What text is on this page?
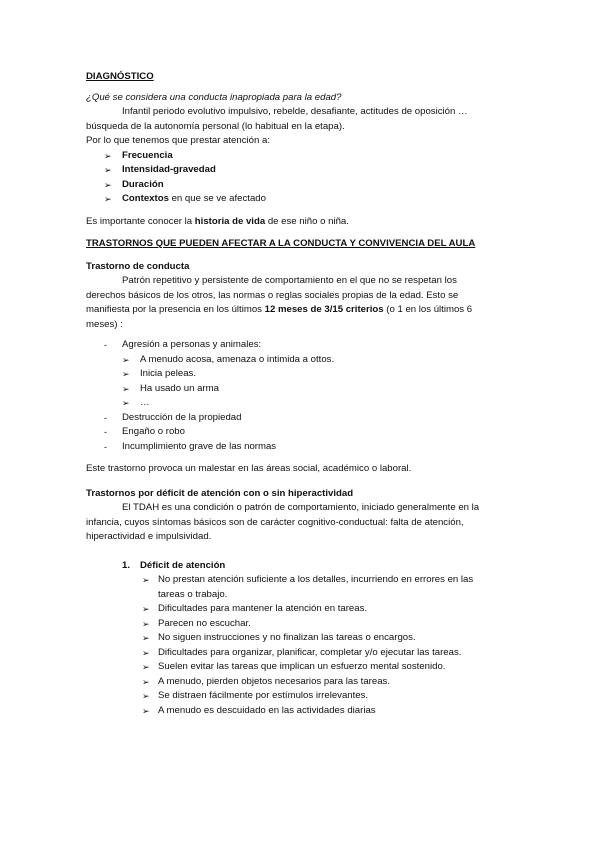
DIAGNÓSTICO

¿Qué se considera una conducta inapropiada para la edad?

Infantil periodo evolutivo impulsivo, rebelde, desafiante, actitudes de oposición …

búsqueda de la autonomía personal (lo habitual en la etapa).

Por lo que tenemos que prestar atención a:

➢ Frecuencia
➢ Intensidad-gravedad
➢ Duración
➢ Contextos en que se ve afectado

Es importante conocer la historia de vida de ese niño o niña.

TRASTORNOS QUE PUEDEN AFECTAR A LA CONDUCTA Y CONVIVENCIA DEL AULA

Trastorno de conducta

Patrón repetitivo y persistente de comportamiento en el que no se respetan los

derechos básicos de los otros, las normas o reglas sociales propias de la edad. Esto se

manifiesta por la presencia en los últimos 12 meses de 3/15 criterios (o 1 en los últimos 6

meses) :

- Agresión a personas y animales:
➢ A menudo acosa, amenaza o intimida a ottos.
➢ Inicia peleas.
➢ Ha usado un arma
➢ …
- Destrucción de la propiedad
- Engaño o robo
- Incumplimiento grave de las normas

Este trastorno provoca un malestar en las áreas social, académico o laboral.

Trastornos por déficit de atención con o sin hiperactividad

El TDAH es una condición o patrón de comportamiento, iniciado generalmente en la

infancia, cuyos síntomas básicos son de carácter cognitivo-conductual: falta de atención,

hiperactividad e impulsividad.

1. Déficit de atención
➢ No prestan atención suficiente a los detalles, incurriendo en errores en las
tareas o trabajo.
➢ Dificultades para mantener la atención en tareas.
➢ Parecen no escuchar.
➢ No siguen instrucciones y no finalizan las tareas o encargos.
➢ Dificultades para organizar, planificar, completar y/o ejecutar las tareas.
➢ Suelen evitar las tareas que implican un esfuerzo mental sostenido.
➢ A menudo, pierden objetos necesarios para las tareas.
➢ Se distraen fácilmente por estímulos irrelevantes.
➢ A menudo es descuidado en las actividades diarias
